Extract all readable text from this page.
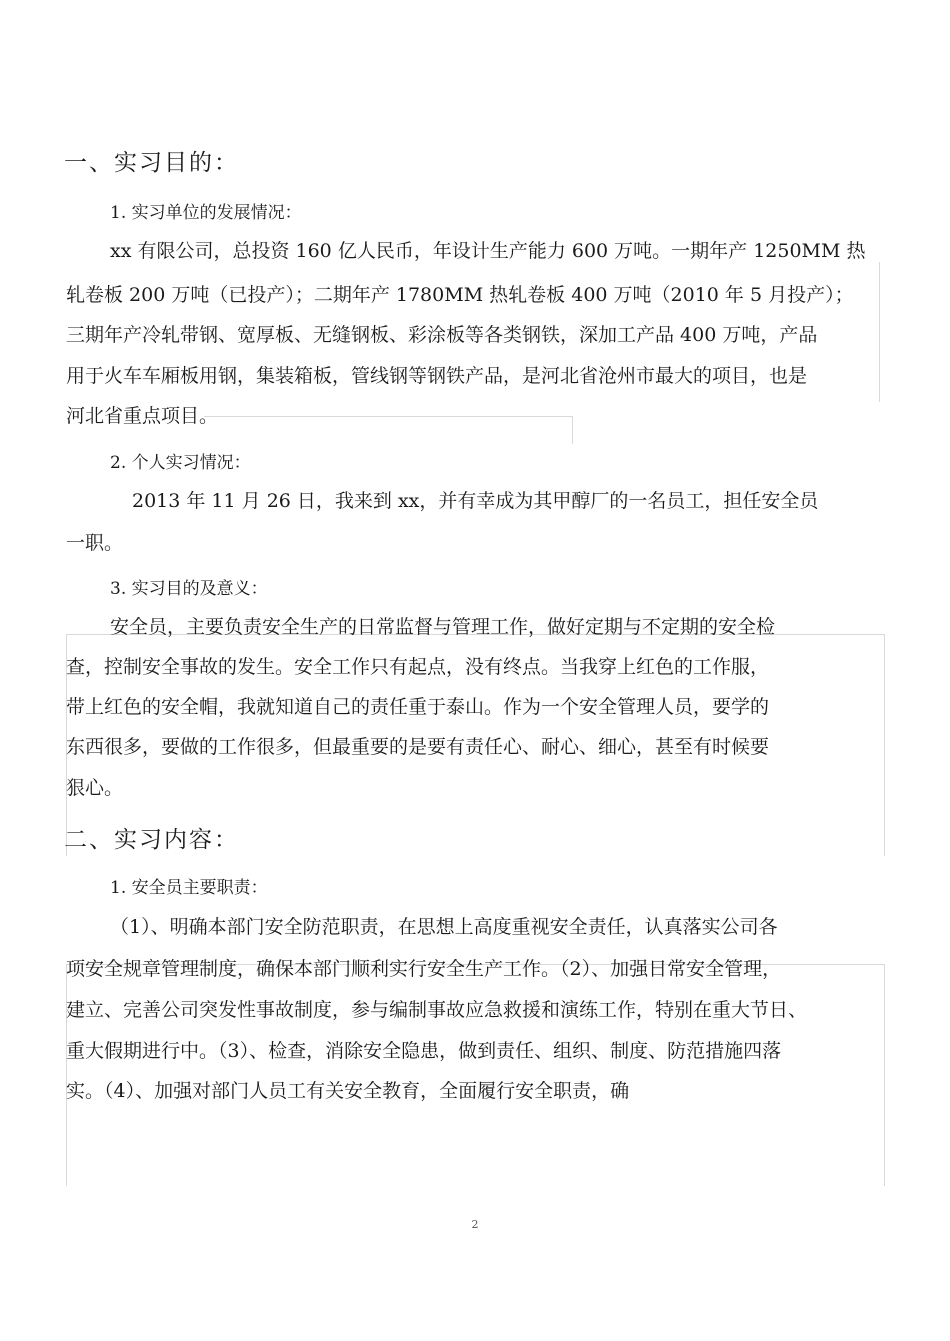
一、实习目的：
1. 实习单位的发展情况：
xx 有限公司，总投资 160 亿人民币，年设计生产能力 600 万吨。一期年产 1250MM 热
轧卷板 200 万吨（已投产）；二期年产 1780MM 热轧卷板 400 万吨（2010 年 5 月投产）；
三期年产冷轧带钢、宽厚板、无缝钢板、彩涂板等各类钢铁，深加工产品 400 万吨，产品
用于火车车厢板用钢，集装箱板，管线钢等钢铁产品，是河北省沧州市最大的项目，也是
河北省重点项目。
2. 个人实习情况：
2013 年 11 月 26 日，我来到 xx，并有幸成为其甲醇厂的一名员工，担任安全员
一职。
3. 实习目的及意义：
安全员，主要负责安全生产的日常监督与管理工作，做好定期与不定期的安全检
查，控制安全事故的发生。安全工作只有起点，没有终点。当我穿上红色的工作服，
带上红色的安全帽，我就知道自己的责任重于泰山。作为一个安全管理人员，要学的
东西很多，要做的工作很多，但最重要的是要有责任心、耐心、细心，甚至有时候要
狠心。
二、实习内容：
1. 安全员主要职责：
（1）、明确本部门安全防范职责，在思想上高度重视安全责任，认真落实公司各
项安全规章管理制度，确保本部门顺利实行安全生产工作。（2）、加强日常安全管理，
建立、完善公司突发性事故制度，参与编制事故应急救援和演练工作，特别在重大节日、
重大假期进行中。（3）、检查，消除安全隐患，做到责任、组织、制度、防范措施四落
实。（4）、加强对部门人员工有关安全教育，全面履行安全职责，确
2
